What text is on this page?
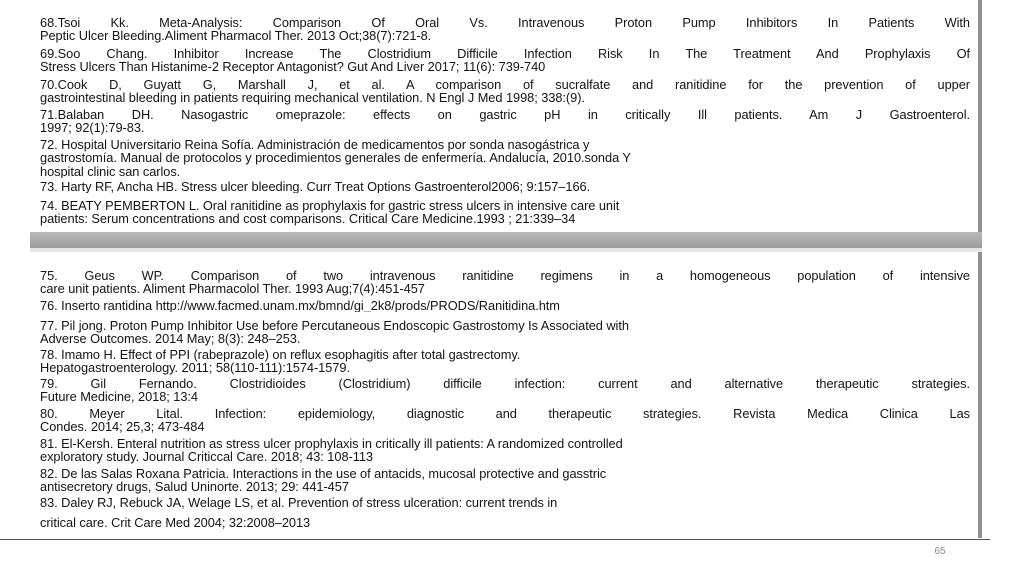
68.Tsoi Kk. Meta-Analysis: Comparison Of Oral Vs. Intravenous Proton Pump Inhibitors In Patients With
Peptic Ulcer Bleeding.Aliment Pharmacol Ther. 2013 Oct;38(7):721-8.

69.Soo Chang. Inhibitor Increase The Clostridium Difficile Infection Risk In The Treatment And Prophylaxis Of
Stress Ulcers Than Histanime-2 Receptor Antagonist? Gut And Liver 2017; 11(6): 739-740

70.Cook D, Guyatt G, Marshall J, et al. A comparison of sucralfate and ranitidine for the prevention of upper
gastrointestinal bleeding in patients requiring mechanical ventilation. N Engl J Med 1998; 338:(9).

71.Balaban DH. Nasogastric omeprazole: effects on gastric pH in critically Ill patients. Am J Gastroenterol.
1997; 92(1):79-83.

72. Hospital Universitario Reina Sofía. Administración de medicamentos por sonda nasogástrica y
gastrostomía. Manual de protocolos y procedimientos generales de enfermería. Andalucía, 2010.sonda Y
hospital clinic san carlos.

73. Harty RF, Ancha HB. Stress ulcer bleeding. Curr Treat Options Gastroenterol2006; 9:157–166.

74. BEATY PEMBERTON L. Oral ranitidine as prophylaxis for gastric stress ulcers in intensive care unit
patients: Serum concentrations and cost comparisons. Critical Care Medicine.1993 ; 21:339–34

75. Geus WP. Comparison of two intravenous ranitidine regimens in a homogeneous population of intensive
care unit patients. Aliment Pharmacolol Ther. 1993 Aug;7(4):451-457

76. Inserto rantidina http://www.facmed.unam.mx/bmnd/gi_2k8/prods/PRODS/Ranitidina.htm

77. Pil jong. Proton Pump Inhibitor Use before Percutaneous Endoscopic Gastrostomy Is Associated with
Adverse Outcomes. 2014 May; 8(3): 248–253.

78. Imamo H. Effect of PPI (rabeprazole) on reflux esophagitis after total gastrectomy.
Hepatogastroenterology. 2011; 58(110-111):1574-1579.

79. Gil Fernando. Clostridioides (Clostridium) difficile infection: current and alternative therapeutic strategies.
Future Medicine, 2018; 13:4

80. Meyer Lital. Infection: epidemiology, diagnostic and therapeutic strategies. Revista Medica Clinica Las
Condes. 2014; 25,3; 473-484

81. El-Kersh. Enteral nutrition as stress ulcer prophylaxis in critically ill patients: A randomized controlled
exploratory study. Journal Criticcal Care. 2018; 43: 108-113

82. De las Salas Roxana Patricia. Interactions in the use of antacids, mucosal protective and gasstric
antisecretory drugs, Salud Uninorte. 2013; 29: 441-457

83. Daley RJ, Rebuck JA, Welage LS, et al. Prevention of stress ulceration: current trends in

critical care. Crit Care Med 2004; 32:2008–2013

65
